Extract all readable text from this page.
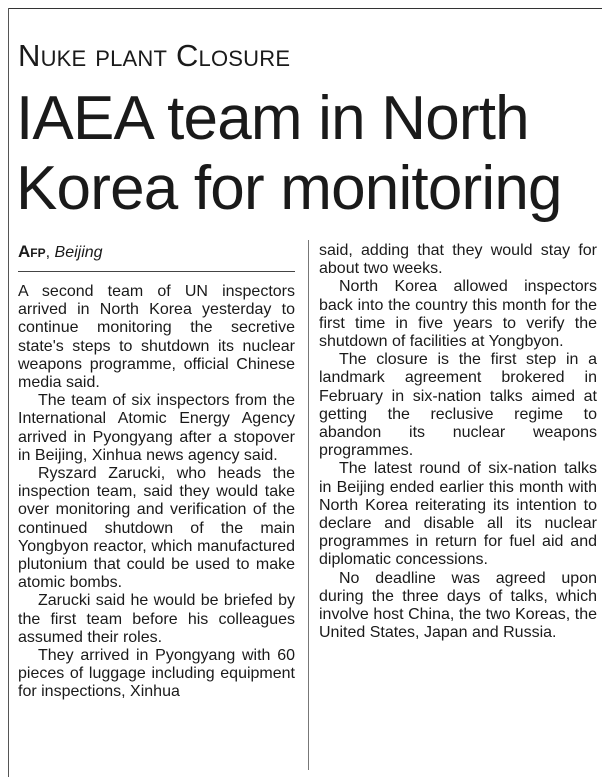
Nuke plant Closure
IAEA team in North
Korea for monitoring
Afp, Beijing

A second team of UN inspectors arrived in North Korea yesterday to continue monitoring the secretive state's steps to shutdown its nuclear weapons programme, official Chinese media said.

The team of six inspectors from the International Atomic Energy Agency arrived in Pyongyang after a stopover in Beijing, Xinhua news agency said.

Ryszard Zarucki, who heads the inspection team, said they would take over monitoring and verification of the continued shutdown of the main Yongbyon reactor, which manufactured plutonium that could be used to make atomic bombs.

Zarucki said he would be briefed by the first team before his colleagues assumed their roles.

They arrived in Pyongyang with 60 pieces of luggage including equipment for inspections, Xinhua

said, adding that they would stay for about two weeks.

North Korea allowed inspectors back into the country this month for the first time in five years to verify the shutdown of facilities at Yongbyon.

The closure is the first step in a landmark agreement brokered in February in six-nation talks aimed at getting the reclusive regime to abandon its nuclear weapons programmes.

The latest round of six-nation talks in Beijing ended earlier this month with North Korea reiterating its intention to declare and disable all its nuclear programmes in return for fuel aid and diplomatic concessions.

No deadline was agreed upon during the three days of talks, which involve host China, the two Koreas, the United States, Japan and Russia.
